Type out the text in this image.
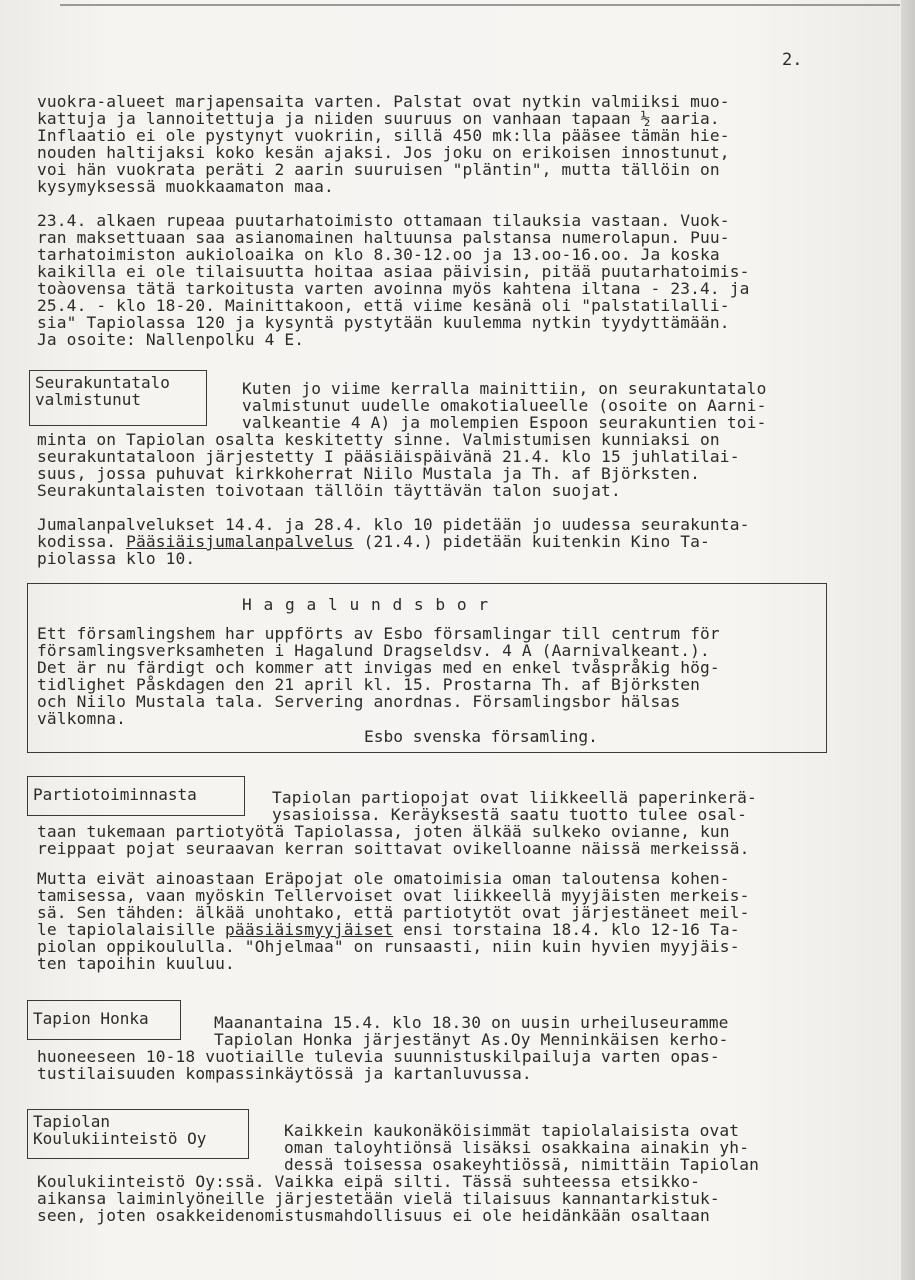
2.
vuokra-alueet marjapensaita varten. Palstat ovat nytkin valmiiksi muo-
kattuja ja lannoitettuja ja niiden suuruus on vanhaan tapaan ½ aaria.
Inflaatio ei ole pystynyt vuokriin, sillä 450 mk:lla pääsee tämän hie-
nouden haltijaksi koko kesän ajaksi. Jos joku on erikoisen innostunut,
voi hän vuokrata peräti 2 aarin suuruisen "pläntin", mutta tällöin on
kysymyksessä muokkaamaton maa.
23.4. alkaen rupeaa puutarhatoimisto ottamaan tilauksia vastaan. Vuok-
ran maksettuaan saa asianomainen haltuunsa palstansa numerolapun. Puu-
tarhatoimiston aukioloaika on klo 8.30-12.oo ja 13.oo-16.oo. Ja koska
kaikilla ei ole tilaisuutta hoitaa asiaa päivisin, pitää puutarhatoimis-
toàovensa tätä tarkoitusta varten avoinna myös kahtena iltana - 23.4. ja
25.4. - klo 18-20. Mainittakoon, että viime kesänä oli "palstatilalli-
sia" Tapiolassa 120 ja kysyntä pystytään kuulemma nytkin tyydyttämään.
Ja osoite: Nallenpolku 4 E.
Seurakuntatalo
valmistunut
Kuten jo viime kerralla mainittiin, on seurakuntatalo
valmistunut uudelle omakotialueelle (osoite on Aarni-
valkeantie 4 A) ja molempien Espoon seurakuntien toi-
minta on Tapiolan osalta keskitetty sinne. Valmistumisen kunniaksi on
seurakuntataloon järjestetty I pääsiäispäivänä 21.4. klo 15 juhlatilai-
suus, jossa puhuvat kirkkoherrat Niilo Mustala ja Th. af Björksten.
Seurakuntalaisten toivotaan tällöin täyttävän talon suojat.
Jumalanpalvelukset 14.4. ja 28.4. klo 10 pidetään jo uudessa seurakunta-
kodissa. Pääsiäisjumalanpalvelus (21.4.) pidetään kuitenkin Kino Ta-
piolassa klo 10.
H a g a l u n d s b o r
Ett församlingshem har uppförts av Esbo församlingar till centrum för
församlingsverksamheten i Hagalund Dragseldsv. 4 A (Aarnivalkeant.).
Det är nu färdigt och kommer att invigas med en enkel tvåspråkig hög-
tidlighet Påskdagen den 21 april kl. 15. Prostarna Th. af Björksten
och Niilo Mustala tala. Servering anordnas. Församlingsbor hälsas
välkomna.
Esbo svenska församling.
Partiotoiminnasta	Tapiolan partiopojat ovat liikkeellä paperinkerä-
ysasioissa. Keräyksestä saatu tuotto tulee osal-
taan tukemaan partiotyötä Tapiolassa, joten älkää sulkeko ovianne, kun
reippaat pojat seuraavan kerran soittavat ovikelloanne näissä merkeissä.
Mutta eivät ainoastaan Eräpojat ole omatoimisia oman taloutensa kohen-
tamisessa, vaan myöskin Tellervoiset ovat liikkeellä myyjäisten merkeis-
sä. Sen tähden: älkää unohtako, että partiotytöt ovat järjestäneet meil-
le tapiolalaisille pääsiäismyyjäiset ensi torstaina 18.4. klo 12-16 Ta-
piolan oppikoululla. "Ohjelmaa" on runsaasti, niin kuin hyvien myyjäis-
ten tapoihin kuuluu.
Tapion Honka	Maanantaina 15.4. klo 18.30 on uusin urheiluseuramme
Tapiolan Honka järjestänyt As.Oy Menninkäisen kerho-
huoneeseen 10-18 vuotiaille tulevia suunnistuskilpailuja varten opas-
tustilaisuuden kompassinkäytössä ja kartanluvussa.
Tapiolan
Koulukiinteistö Oy	Kaikkein kaukonäköisimmät tapiolalaisista ovat
oman taloyhtiönsä lisäksi osakkaina ainakin yh-
dessä toisessa osakeyhtiössä, nimittäin Tapiolan
Koulukiinteistö Oy:ssä. Vaikka eipä silti. Tässä suhteessa etsikko-
aikansa laiminlyöneille järjestetään vielä tilaisuus kannantarkistuk-
seen, joten osakkeidenomistusmahdollisuus ei ole heidänkään osaltaan
